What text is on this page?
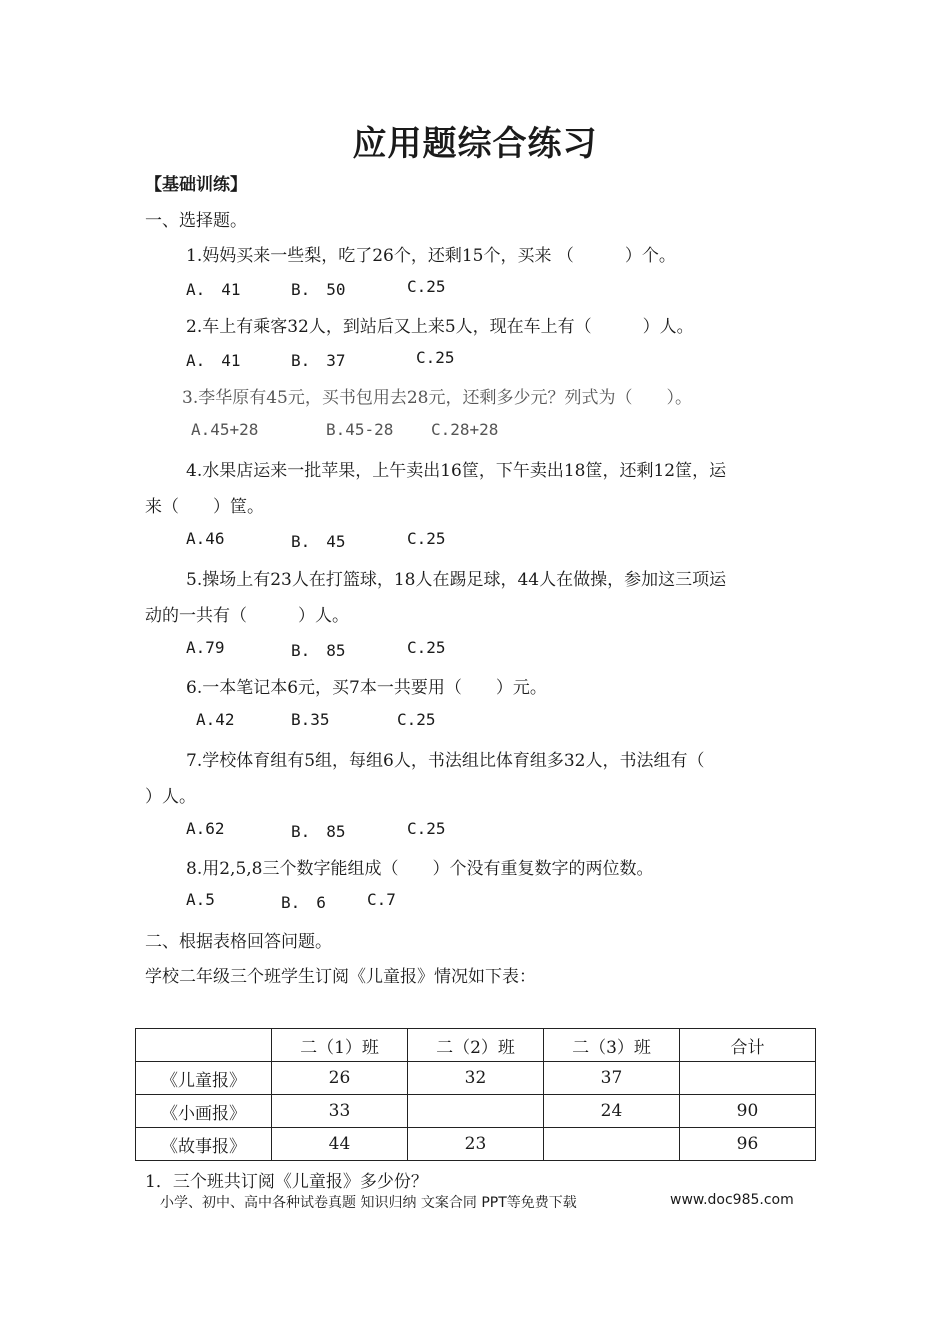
应用题综合练习
【基础训练】
一、选择题。
1.妈妈买来一些梨，吃了26个，还剩15个，买来 （　　　）个。
A.　41	B.　50	C.25
2.车上有乘客32人，到站后又上来5人，现在车上有（　　　）人。
A.　41	B.　37	C.25
3.李华原有45元，买书包用去28元，还剩多少元？列式为（　　）。
A.45+28	B.45-28 C.28+28
4.水果店运来一批苹果，上午卖出16筐，下午卖出18筐，还剩12筐，运
来（　　）筐。
A.46	B.　45	C.25
5.操场上有23人在打篮球，18人在踢足球，44人在做操，参加这三项运
动的一共有（　　　）人。
A.79	B.　85	C.25
6.一本笔记本6元，买7本一共要用（　　）元。
A.42	B.35	C.25
7.学校体育组有5组，每组6人，书法组比体育组多32人，书法组有（
）人。
A.62	B.　85	C.25
8.用2,5,8三个数字能组成（　　）个没有重复数字的两位数。
A.5	B.　6	C.7
二、根据表格回答问题。
学校二年级三个班学生订阅《儿童报》情况如下表：
	二（1）班	二（2）班	二（3）班	合计
《儿童报》	26	32	37	
《小画报》	33		24	90
《故事报》	44	23		96
1．三个班共订阅《儿童报》多少份？
小学、初中、高中各种试卷真题 知识归纳 文案合同 PPT等免费下载	www.doc985.com
